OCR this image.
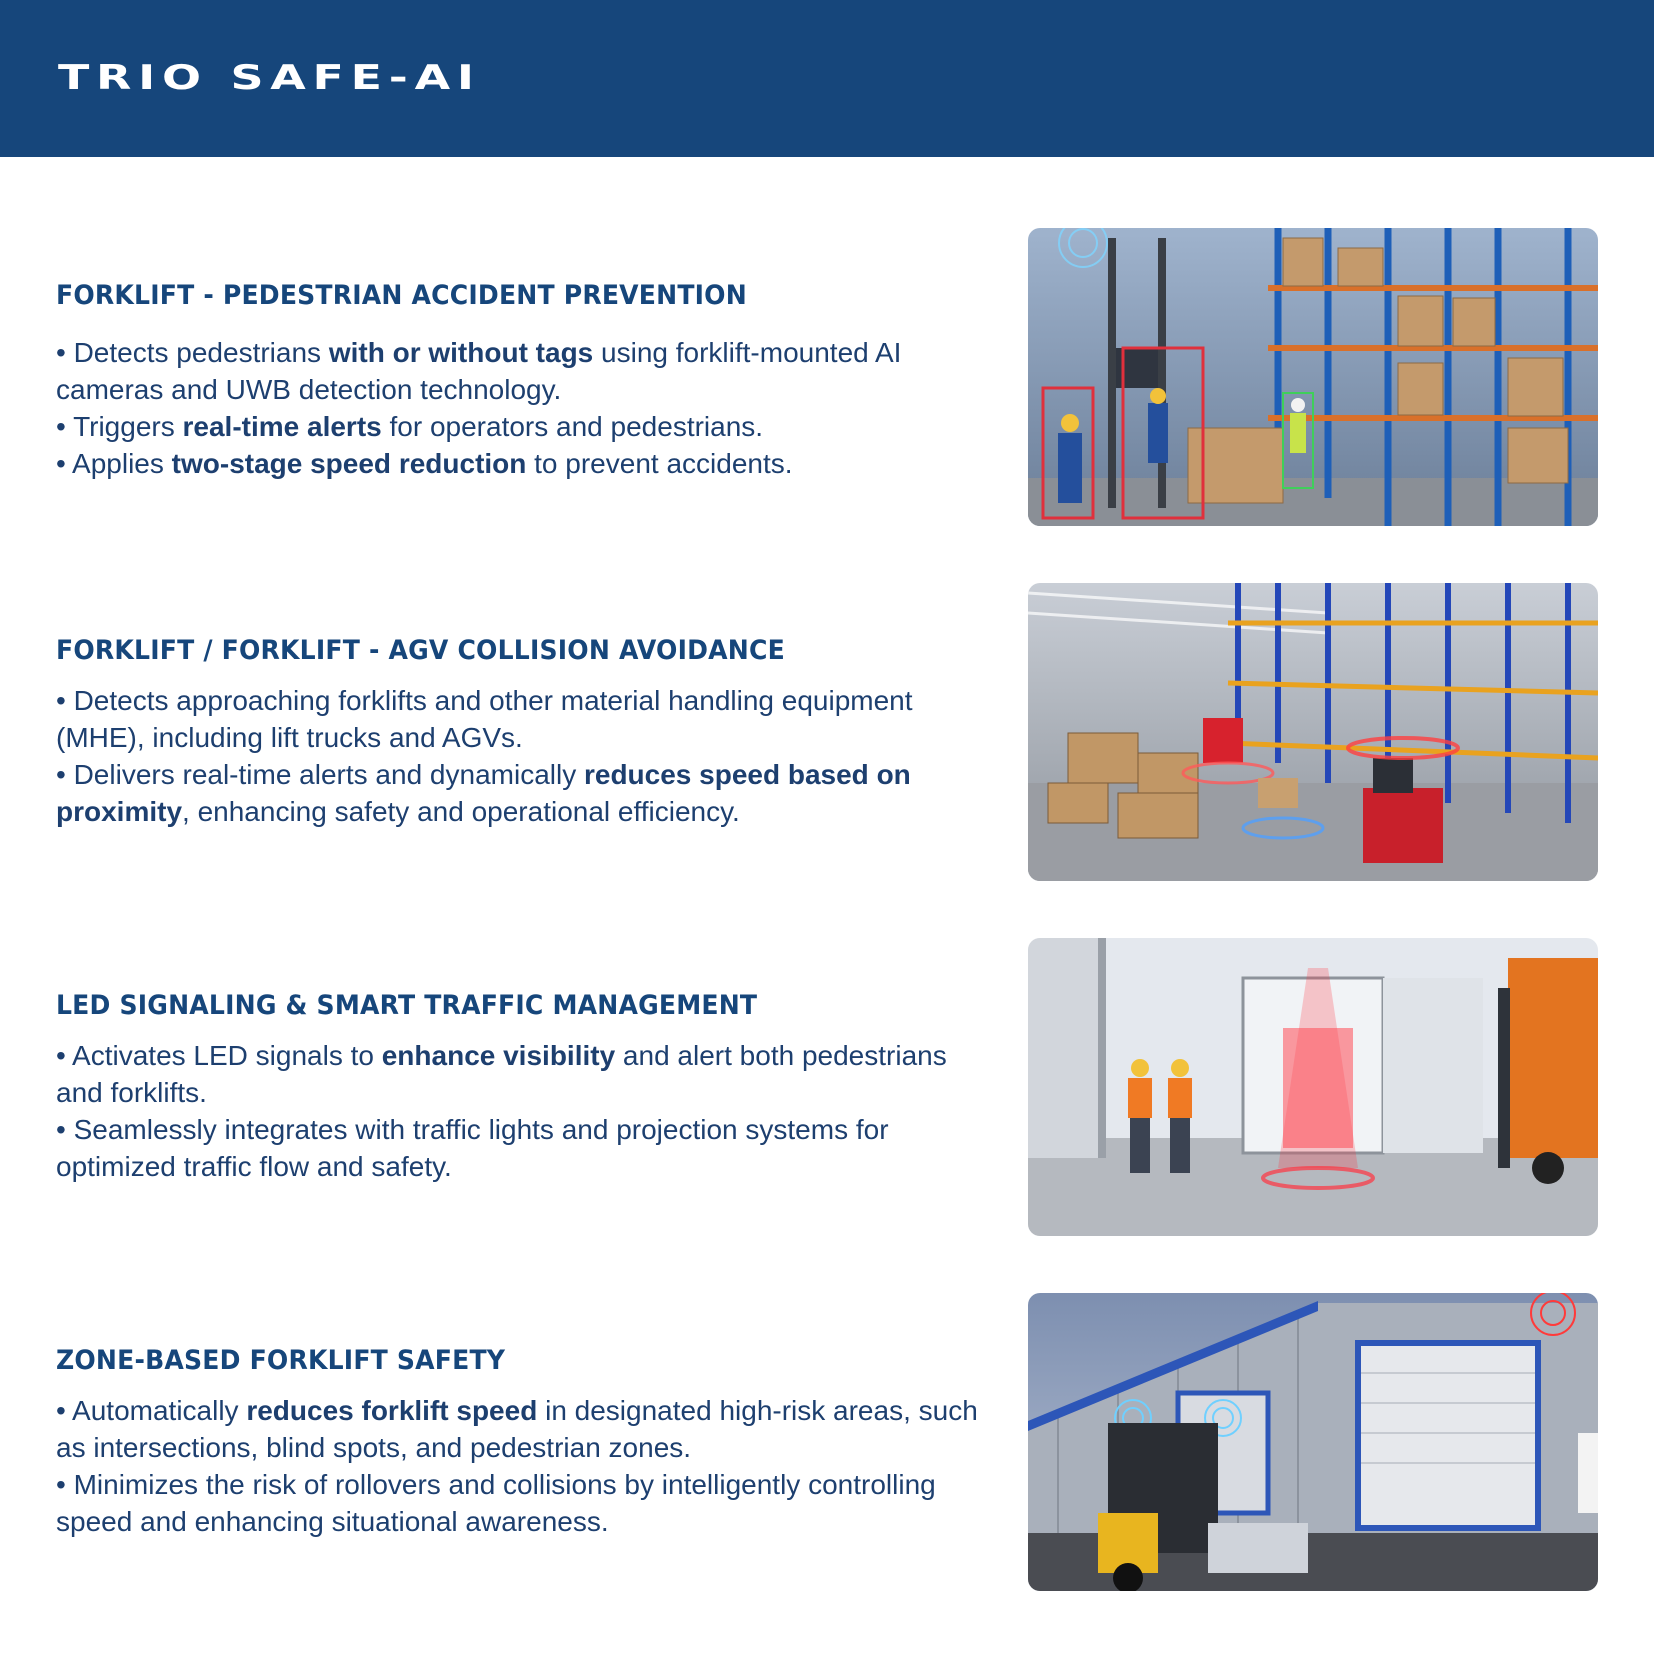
TRIO SAFE-AI
FORKLIFT - PEDESTRIAN ACCIDENT PREVENTION

• Detects pedestrians with or without tags using forklift-mounted AI cameras and UWB detection technology.

• Triggers real-time alerts for operators and pedestrians.

• Applies two-stage speed reduction to prevent accidents.

FORKLIFT / FORKLIFT - AGV COLLISION AVOIDANCE

• Detects approaching forklifts and other material handling equipment (MHE), including lift trucks and AGVs.

• Delivers real-time alerts and dynamically reduces speed based on proximity, enhancing safety and operational efficiency.

LED SIGNALING & SMART TRAFFIC MANAGEMENT

• Activates LED signals to enhance visibility and alert both pedestrians and forklifts.

• Seamlessly integrates with traffic lights and projection systems for optimized traffic flow and safety.

ZONE-BASED FORKLIFT SAFETY

• Automatically reduces forklift speed in designated high-risk areas, such as intersections, blind spots, and pedestrian zones.

• Minimizes the risk of rollovers and collisions by intelligently controlling speed and enhancing situational awareness.
